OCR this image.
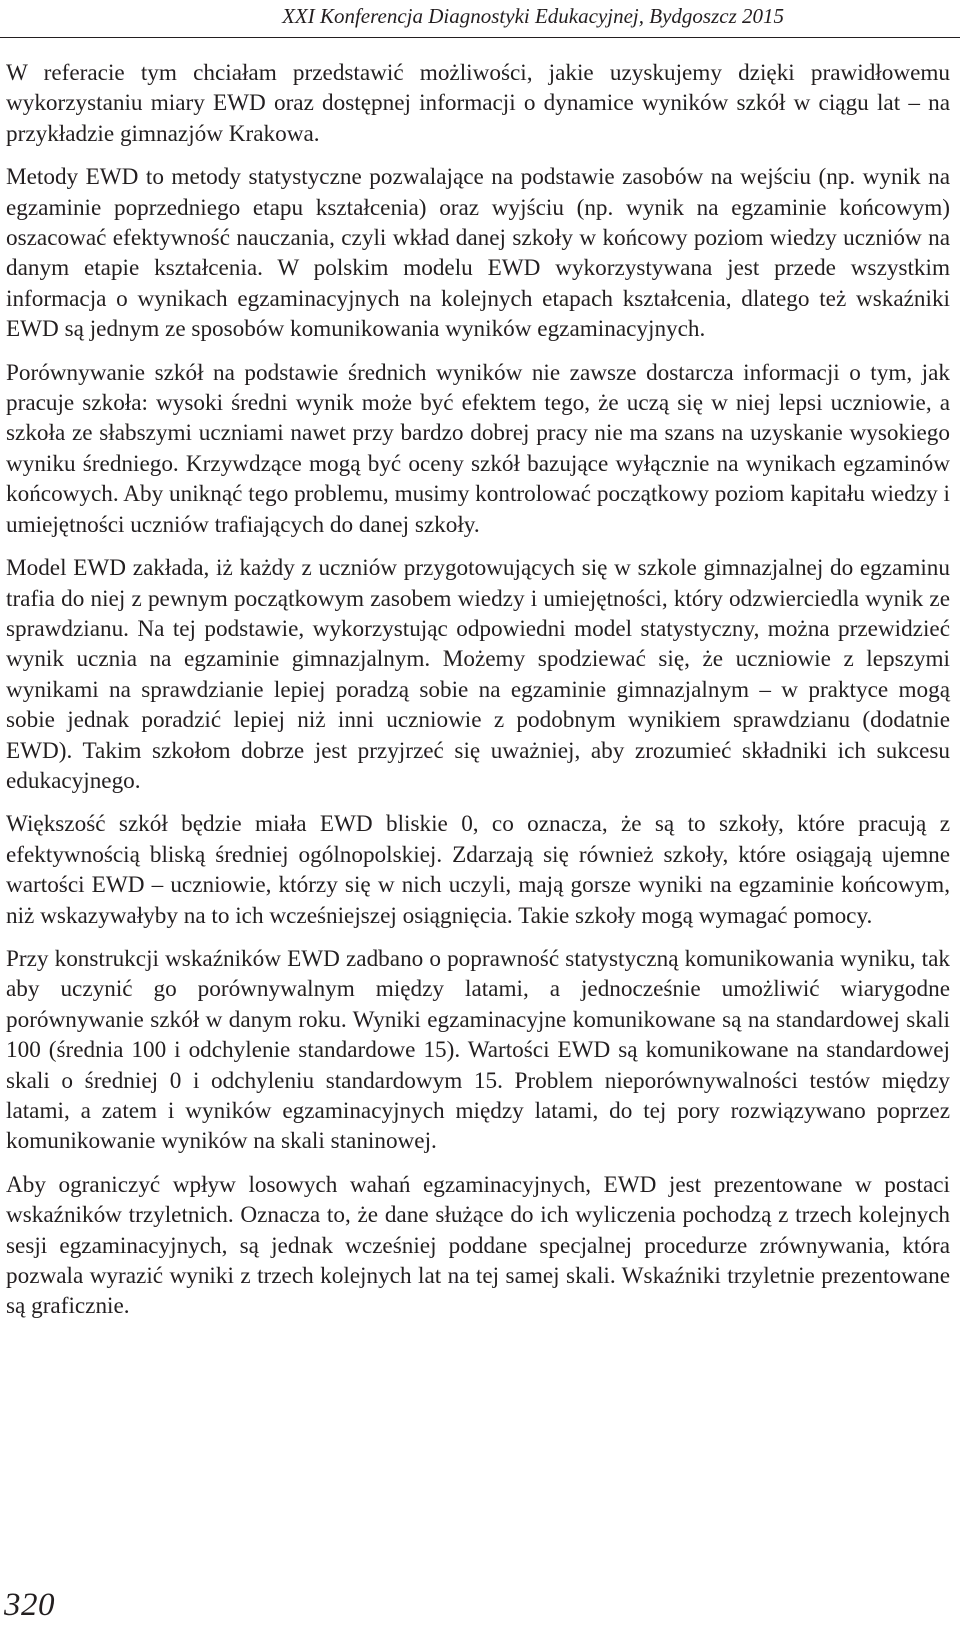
XXI Konferencja Diagnostyki Edukacyjnej, Bydgoszcz 2015

W referacie tym chciałam przedstawić możliwości, jakie uzyskujemy dzięki prawidłowemu wykorzystaniu miary EWD oraz dostępnej informacji o dynamice wyników szkół w ciągu lat – na przykładzie gimnazjów Krakowa.

Metody EWD to metody statystyczne pozwalające na podstawie zasobów na wejściu (np. wynik na egzaminie poprzedniego etapu kształcenia) oraz wyjściu (np. wynik na egzaminie końcowym) oszacować efektywność nauczania, czyli wkład danej szkoły w końcowy poziom wiedzy uczniów na danym etapie kształcenia. W polskim modelu EWD wykorzystywana jest przede wszystkim informacja o wynikach egzaminacyjnych na kolejnych etapach kształcenia, dlatego też wskaźniki EWD są jednym ze sposobów komunikowania wyników egzaminacyjnych.

Porównywanie szkół na podstawie średnich wyników nie zawsze dostarcza informacji o tym, jak pracuje szkoła: wysoki średni wynik może być efektem tego, że uczą się w niej lepsi uczniowie, a szkoła ze słabszymi uczniami nawet przy bardzo dobrej pracy nie ma szans na uzyskanie wysokiego wyniku średniego. Krzywdzące mogą być oceny szkół bazujące wyłącznie na wynikach egzaminów końcowych. Aby uniknąć tego problemu, musimy kontrolować początkowy poziom kapitału wiedzy i umiejętności uczniów trafiających do danej szkoły.

Model EWD zakłada, iż każdy z uczniów przygotowujących się w szkole gimnazjalnej do egzaminu trafia do niej z pewnym początkowym zasobem wiedzy i umiejętności, który odzwierciedla wynik ze sprawdzianu. Na tej podstawie, wykorzystując odpowiedni model statystyczny, można przewidzieć wynik ucznia na egzaminie gimnazjalnym. Możemy spodziewać się, że uczniowie z lepszymi wynikami na sprawdzianie lepiej poradzą sobie na egzaminie gimnazjalnym – w praktyce mogą sobie jednak poradzić lepiej niż inni uczniowie z podobnym wynikiem sprawdzianu (dodatnie EWD). Takim szkołom dobrze jest przyjrzeć się uważniej, aby zrozumieć składniki ich sukcesu edukacyjnego.

Większość szkół będzie miała EWD bliskie 0, co oznacza, że są to szkoły, które pracują z efektywnością bliską średniej ogólnopolskiej. Zdarzają się również szkoły, które osiągają ujemne wartości EWD – uczniowie, którzy się w nich uczyli, mają gorsze wyniki na egzaminie końcowym, niż wskazywałyby na to ich wcześniejszej osiągnięcia. Takie szkoły mogą wymagać pomocy.

Przy konstrukcji wskaźników EWD zadbano o poprawność statystyczną komunikowania wyniku, tak aby uczynić go porównywalnym między latami, a jednocześnie umożliwić wiarygodne porównywanie szkół w danym roku. Wyniki egzaminacyjne komunikowane są na standardowej skali 100 (średnia 100 i odchylenie standardowe 15). Wartości EWD są komunikowane na standardowej skali o średniej 0 i odchyleniu standardowym 15. Problem nieporównywalności testów między latami, a zatem i wyników egzaminacyjnych między latami, do tej pory rozwiązywano poprzez komunikowanie wyników na skali staninowej.

Aby ograniczyć wpływ losowych wahań egzaminacyjnych, EWD jest prezentowane w postaci wskaźników trzyletnich. Oznacza to, że dane służące do ich wyliczenia pochodzą z trzech kolejnych sesji egzaminacyjnych, są jednak wcześniej poddane specjalnej procedurze zrównywania, która pozwala wyrazić wyniki z trzech kolejnych lat na tej samej skali. Wskaźniki trzyletnie prezentowane są graficznie.

320
